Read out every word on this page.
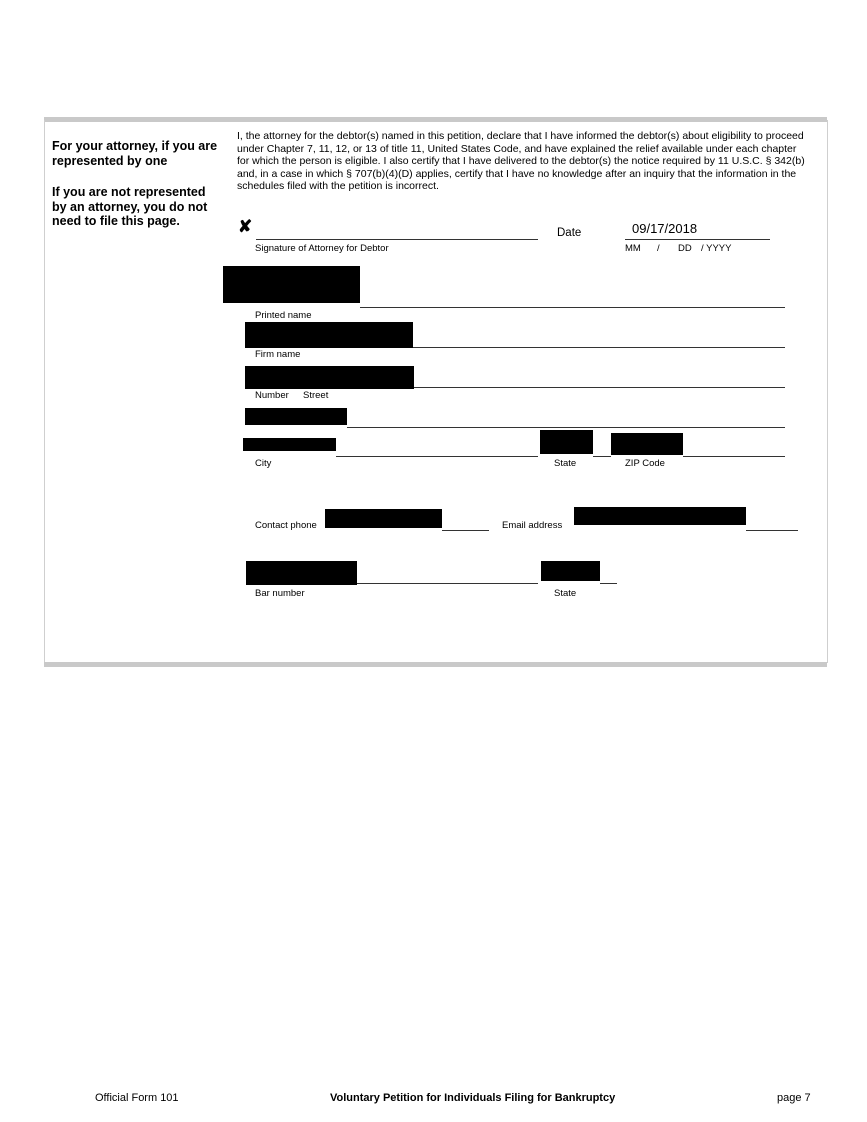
For your attorney, if you are represented by one
If you are not represented by an attorney, you do not need to file this page.
I, the attorney for the debtor(s) named in this petition, declare that I have informed the debtor(s) about eligibility to proceed under Chapter 7, 11, 12, or 13 of title 11, United States Code, and have explained the relief available under each chapter for which the person is eligible. I also certify that I have delivered to the debtor(s) the notice required by 11 U.S.C. § 342(b) and, in a case in which § 707(b)(4)(D) applies, certify that I have no knowledge after an inquiry that the information in the schedules filed with the petition is incorrect.
✘
Signature of Attorney for Debtor
Date	09/17/2018
MM / DD / YYYY
Printed name
Firm name
Number Street
City	State	ZIP Code
Contact phone	Email address
Bar number	State
Official Form 101	Voluntary Petition for Individuals Filing for Bankruptcy	page 7
